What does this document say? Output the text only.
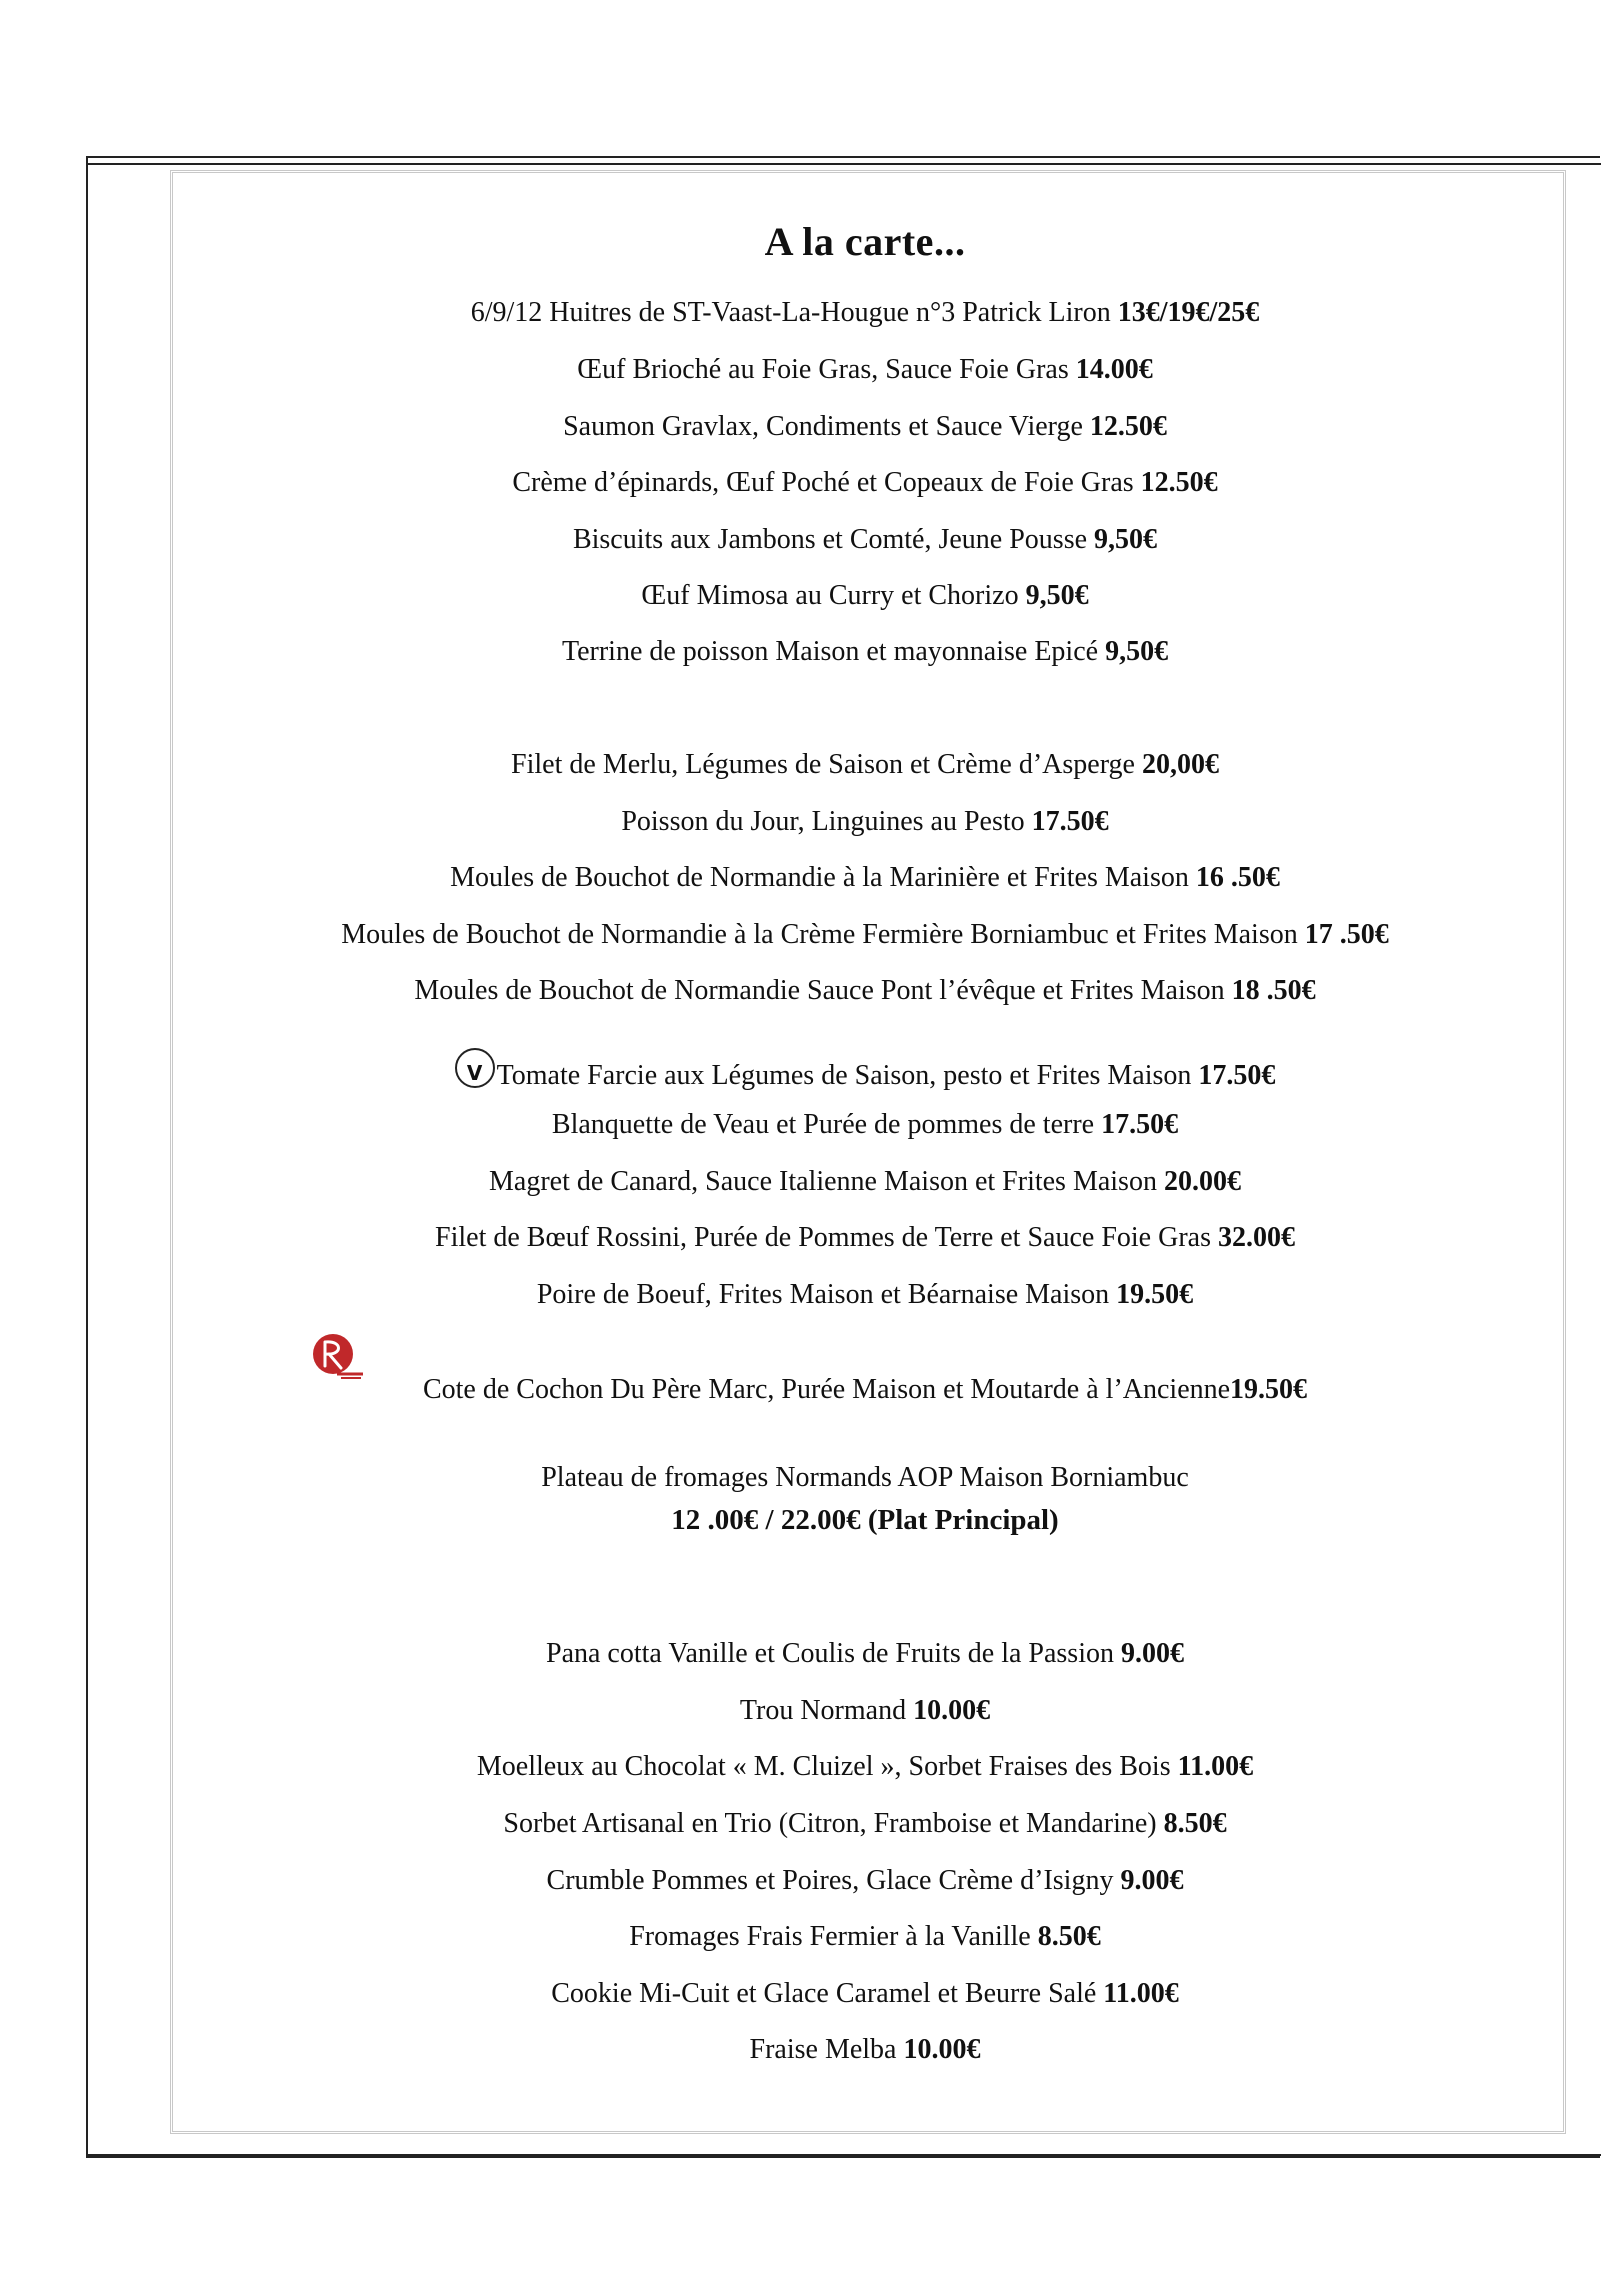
A la carte...
6/9/12 Huitres de ST-Vaast-La-Hougue n°3 Patrick Liron 13€/19€/25€
Œuf Brioché au Foie Gras, Sauce Foie Gras 14.00€
Saumon Gravlax, Condiments et Sauce Vierge 12.50€
Crème d’épinards, Œuf Poché et Copeaux de Foie Gras 12.50€
Biscuits aux Jambons et Comté, Jeune Pousse 9,50€
Œuf Mimosa au Curry et Chorizo 9,50€
Terrine de poisson Maison et mayonnaise Epicé 9,50€
Filet de Merlu, Légumes de Saison et Crème d’Asperge 20,00€
Poisson du Jour, Linguines au Pesto 17.50€
Moules de Bouchot de Normandie à la Marinière et Frites Maison 16 .50€
Moules de Bouchot de Normandie à la Crème Fermière Borniambuc et Frites Maison 17 .50€
Moules de Bouchot de Normandie Sauce Pont l’évêque et Frites Maison 18 .50€
V Tomate Farcie aux Légumes de Saison, pesto et Frites Maison 17.50€
Blanquette de Veau et Purée de pommes de terre 17.50€
Magret de Canard, Sauce Italienne Maison et Frites Maison 20.00€
Filet de Bœuf Rossini, Purée de Pommes de Terre et Sauce Foie Gras 32.00€
Poire de Boeuf, Frites Maison et Béarnaise Maison 19.50€
Cote de Cochon Du Père Marc, Purée Maison et Moutarde à l’Ancienne19.50€
Plateau de fromages Normands AOP Maison Borniambuc
12 .00€ / 22.00€ (Plat Principal)
Pana cotta Vanille et Coulis de Fruits de la Passion 9.00€
Trou Normand 10.00€
Moelleux au Chocolat « M. Cluizel », Sorbet Fraises des Bois 11.00€
Sorbet Artisanal en Trio (Citron, Framboise et Mandarine) 8.50€
Crumble Pommes et Poires, Glace Crème d’Isigny 9.00€
Fromages Frais Fermier à la Vanille 8.50€
Cookie Mi-Cuit et Glace Caramel et Beurre Salé 11.00€
Fraise Melba 10.00€
